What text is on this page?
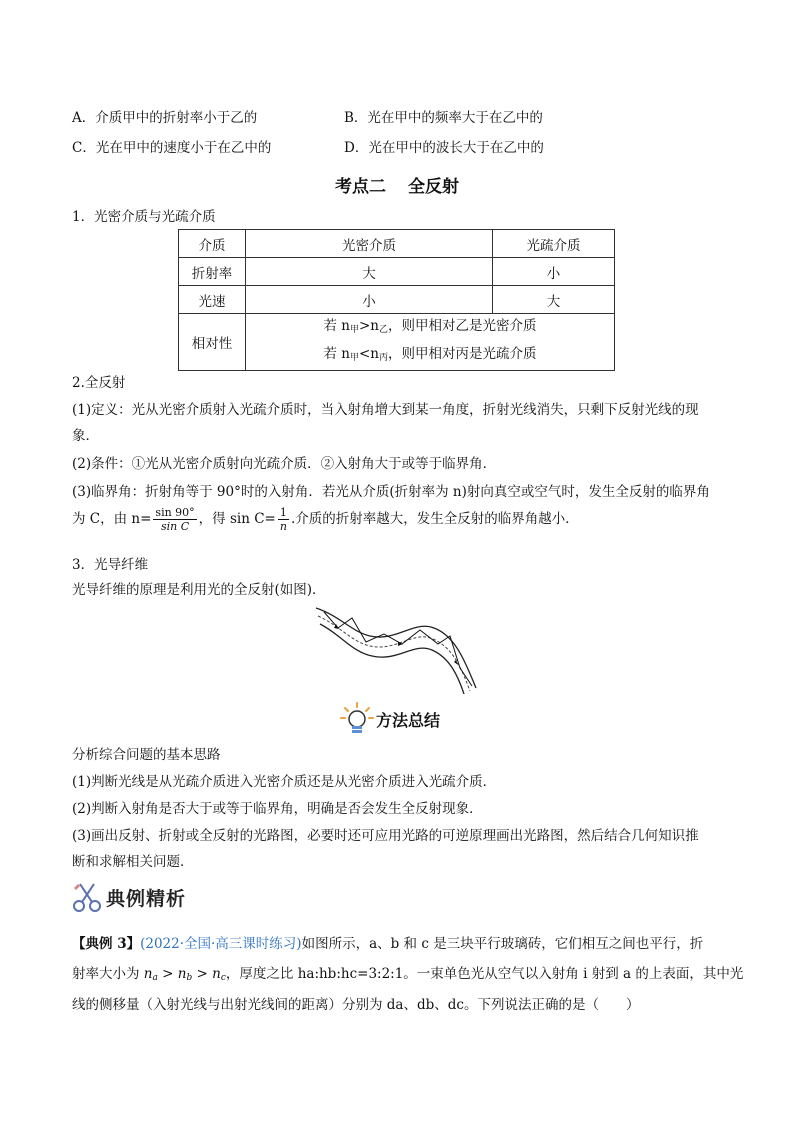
A．介质甲中的折射率小于乙的	B．光在甲中的频率大于在乙中的
C．光在甲中的速度小于在乙中的	D．光在甲中的波长大于在乙中的
考点二 全反射
1．光密介质与光疏介质
介质	光密介质	光疏介质
折射率	大	小
光速	小	大
相对性	若 $n_甲>n_乙$，则甲相对乙是光密介质
若 $n_甲<n_丙$，则甲相对丙是光疏介质	
2.全反射
(1)定义：光从光密介质射入光疏介质时，当入射角增大到某一角度，折射光线消失，只剩下反射光线的现
象．
(2)条件：①光从光密介质射向光疏介质．②入射角大于或等于临界角．
(3)临界角：折射角等于 90°时的入射角．若光从介质(折射率为 n)射向真空或空气时，发生全反射的临界角
为 C，由 $n= \frac{\sin 90^\circ}{\text{sin C}}$ ，得 $\sin C= \frac{1}{n}$ .介质的折射率越大，发生全反射的临界角越小．
3．光导纤维
光导纤维的原理是利用光的全反射(如图)．
方法总结
分析综合问题的基本思路
(1)判断光线是从光疏介质进入光密介质还是从光密介质进入光疏介质．
(2)判断入射角是否大于或等于临界角，明确是否会发生全反射现象．
(3)画出反射、折射或全反射的光路图，必要时还可应用光路的可逆原理画出光路图，然后结合几何知识推
断和求解相关问题．
典例精析
【典例 3】(2022·全国·高三课时练习)如图所示，a、b 和 c 是三块平行玻璃砖，它们相互之间也平行，折
射率大小为 $n_a > n_b > n_c$，厚度之比 ha:hb:hc=3:2:1。一束单色光从空气以入射角 i 射到 a 的上表面，其中光
线的侧移量（入射光线与出射光线间的距离）分别为 da、db、dc。下列说法正确的是（　　）
